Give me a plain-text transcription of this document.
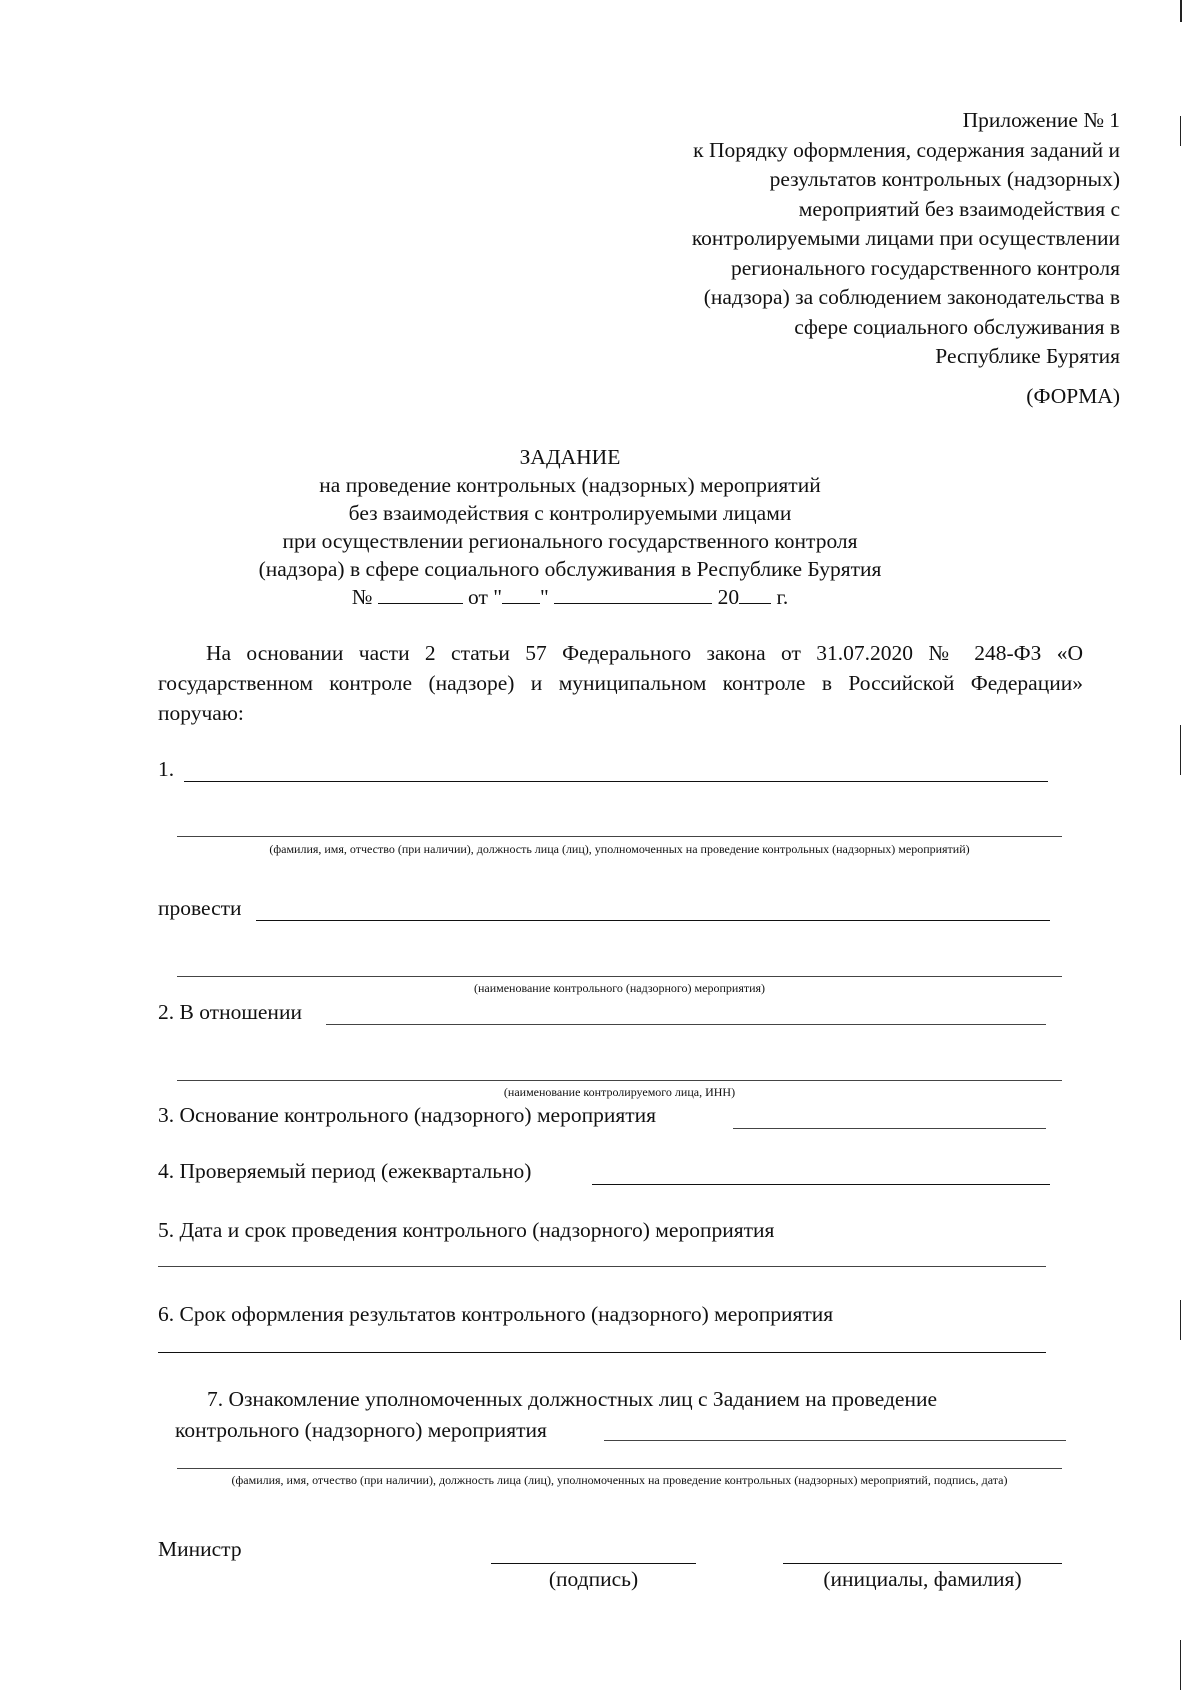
Приложение № 1
к Порядку оформления, содержания заданий и
результатов контрольных (надзорных)
мероприятий без взаимодействия с
контролируемыми лицами при осуществлении
регионального государственного контроля
(надзора) за соблюдением законодательства в
сфере социального обслуживания в
Республике Бурятия
(ФОРМА)
ЗАДАНИЕ
на проведение контрольных (надзорных) мероприятий
без взаимодействия с контролируемыми лицами
при осуществлении регионального государственного контроля
(надзора) в сфере социального обслуживания в Республике Бурятия
№	от " "	20 г.
На основании части 2 статьи 57 Федерального закона от 31.07.2020 № 248-ФЗ «О государственном контроле (надзоре) и муниципальном контроле в Российской Федерации» поручаю:
1.
(фамилия, имя, отчество (при наличии), должность лица (лиц), уполномоченных на проведение контрольных (надзорных) мероприятий)
провести
(наименование контрольного (надзорного) мероприятия)
2. В отношении
(наименование контролируемого лица, ИНН)
3. Основание контрольного (надзорного) мероприятия
4. Проверяемый период (ежеквартально)
5. Дата и срок проведения контрольного (надзорного) мероприятия
6. Срок оформления результатов контрольного (надзорного) мероприятия
7. Ознакомление уполномоченных должностных лиц с Заданием на проведение
контрольного (надзорного) мероприятия
(фамилия, имя, отчество (при наличии), должность лица (лиц), уполномоченных на проведение контрольных (надзорных) мероприятий, подпись, дата)
Министр
(подпись)	(инициалы, фамилия)
